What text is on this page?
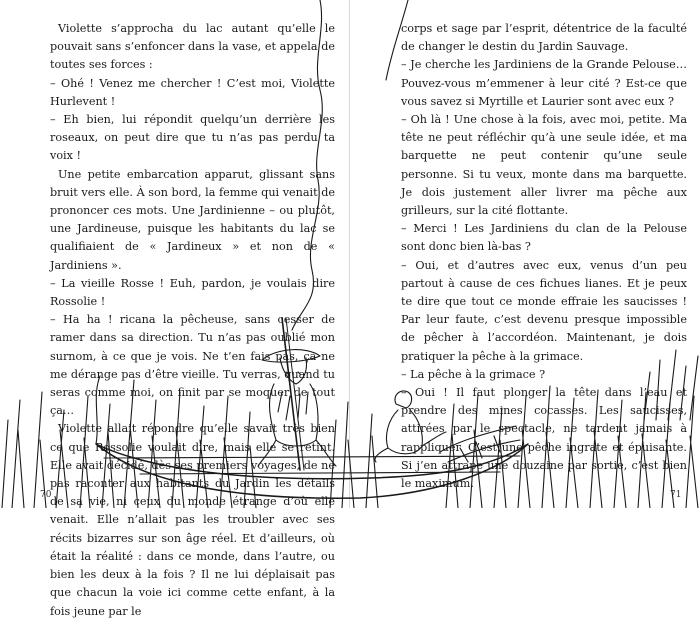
Violette s’approcha du lac autant qu’elle le pouvait sans s’enfoncer dans la vase, et appela de toutes ses forces :

– Ohé ! Venez me chercher ! C’est moi, Violette Hurlevent !

– Eh bien, lui répondit quelqu’un derrière les roseaux, on peut dire que tu n’as pas perdu ta voix !

Une petite embarcation apparut, glissant sans bruit vers elle. À son bord, la femme qui venait de prononcer ces mots. Une Jardinienne – ou plutôt, une Jardineuse, puisque les habitants du lac se qualifiaient de « Jardineux » et non de « Jardiniens ».

– La vieille Rosse ! Euh, pardon, je voulais dire Rossolie !

– Ha ha ! ricana la pêcheuse, sans cesser de ramer dans sa direction. Tu n’as pas oublié mon surnom, à ce que je vois. Ne t’en fais pas, ça ne me dérange pas d’être vieille. Tu verras, quand tu seras comme moi, on finit par se moquer de tout ça…

Violette allait répondre qu’elle savait très bien ce que Rossolie voulait dire, mais elle se retint. Elle avait décidé, dès ses premiers voyages, de ne pas raconter aux habitants du Jardin les détails de sa vie, ni ceux du monde étrange d’où elle venait. Elle n’allait pas les troubler avec ses récits bizarres sur son âge réel. Et d’ailleurs, où était la réalité : dans ce monde, dans l’autre, ou bien les deux à la fois ? Il ne lui déplaisait pas que chacun la voie ici comme cette enfant, à la fois jeune par le

70

corps et sage par l’esprit, détentrice de la faculté de changer le destin du Jardin Sauvage.

– Je cherche les Jardiniens de la Grande Pelouse… Pouvez-vous m’emmener à leur cité ? Est-ce que vous savez si Myrtille et Laurier sont avec eux ?

– Oh là ! Une chose à la fois, avec moi, petite. Ma tête ne peut réfléchir qu’à une seule idée, et ma barquette ne peut contenir qu’une seule personne. Si tu veux, monte dans ma barquette. Je dois justement aller livrer ma pêche aux grilleurs, sur la cité flottante.

– Merci ! Les Jardiniens du clan de la Pelouse sont donc bien là-bas ?

– Oui, et d’autres avec eux, venus d’un peu partout à cause de ces fichues lianes. Et je peux te dire que tout ce monde effraie les saucisses ! Par leur faute, c’est devenu presque impossible de pêcher à l’accordéon. Maintenant, je dois pratiquer la pêche à la grimace.

– La pêche à la grimace ?

– Oui ! Il faut plonger la tête dans l’eau et prendre des mines cocasses. Les saucisses, attirées par le spectacle, ne tardent jamais à rappliquer. C’est une pêche ingrate et épuisante. Si j’en attrape une douzaine par sortie, c’est bien le maximum.

71
